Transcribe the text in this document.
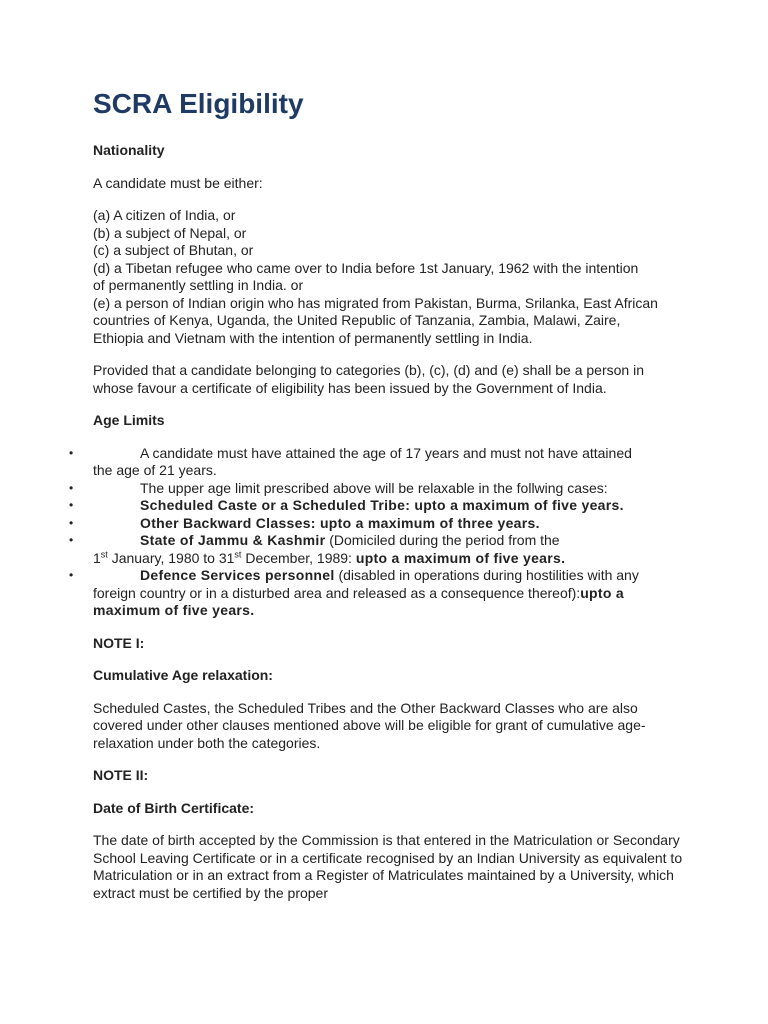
SCRA Eligibility
Nationality

A candidate must be either:

(a) A citizen of India, or
(b) a subject of Nepal, or
(c) a subject of Bhutan, or
(d) a Tibetan refugee who came over to India before 1st January, 1962 with the intention of permanently settling in India. or
(e) a person of Indian origin who has migrated from Pakistan, Burma, Srilanka, East African countries of Kenya, Uganda, the United Republic of Tanzania, Zambia, Malawi, Zaire, Ethiopia and Vietnam with the intention of permanently settling in India.

Provided that a candidate belonging to categories (b), (c), (d) and (e) shall be a person in whose favour a certificate of eligibility has been issued by the Government of India.

Age Limits
•	A candidate must have attained the age of 17 years and must not have attained the age of 21 years.
•	The upper age limit prescribed above will be relaxable in the follwing cases:
•	Scheduled Caste or a Scheduled Tribe: upto a maximum of five years.
•	Other Backward Classes: upto a maximum of three years.
•	State of Jammu & Kashmir (Domiciled during the period from the
1st January, 1980 to 31st December, 1989: upto a maximum of five years.
•	Defence Services personnel (disabled in operations during hostilities with any foreign country or in a disturbed area and released as a consequence thereof):upto a maximum of five years.
NOTE I:
Cumulative Age relaxation:

Scheduled Castes, the Scheduled Tribes and the Other Backward Classes who are also covered under other clauses mentioned above will be eligible for grant of cumulative age-relaxation under both the categories.

NOTE II:
Date of Birth Certificate:

The date of birth accepted by the Commission is that entered in the Matriculation or Secondary School Leaving Certificate or in a certificate recognised by an Indian University as equivalent to Matriculation or in an extract from a Register of Matriculates maintained by a University, which extract must be certified by the proper
